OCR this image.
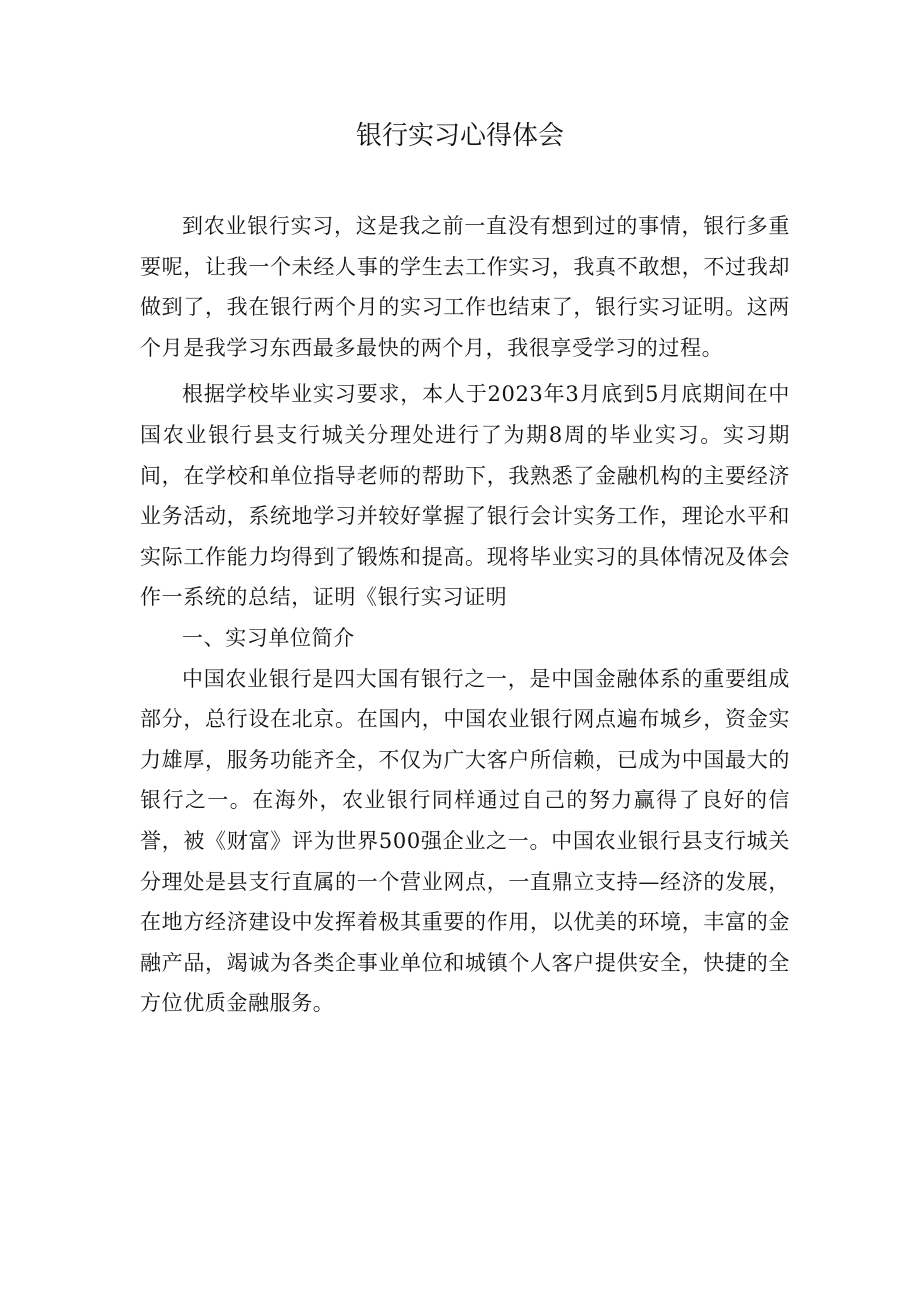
银行实习心得体会

到农业银行实习，这是我之前一直没有想到过的事情，银行多重要呢，让我一个未经人事的学生去工作实习，我真不敢想，不过我却做到了，我在银行两个月的实习工作也结束了，银行实习证明。这两个月是我学习东西最多最快的两个月，我很享受学习的过程。

根据学校毕业实习要求，本人于2023年3月底到5月底期间在中国农业银行县支行城关分理处进行了为期8周的毕业实习。实习期间，在学校和单位指导老师的帮助下，我熟悉了金融机构的主要经济业务活动，系统地学习并较好掌握了银行会计实务工作，理论水平和实际工作能力均得到了锻炼和提高。现将毕业实习的具体情况及体会作一系统的总结，证明《银行实习证明

一、实习单位简介

中国农业银行是四大国有银行之一，是中国金融体系的重要组成部分，总行设在北京。在国内，中国农业银行网点遍布城乡，资金实力雄厚，服务功能齐全，不仅为广大客户所信赖，已成为中国最大的银行之一。在海外，农业银行同样通过自己的努力赢得了良好的信誉，被《财富》评为世界500强企业之一。中国农业银行县支行城关分理处是县支行直属的一个营业网点，一直鼎立支持—经济的发展，在地方经济建设中发挥着极其重要的作用，以优美的环境，丰富的金融产品，竭诚为各类企事业单位和城镇个人客户提供安全，快捷的全方位优质金融服务。
